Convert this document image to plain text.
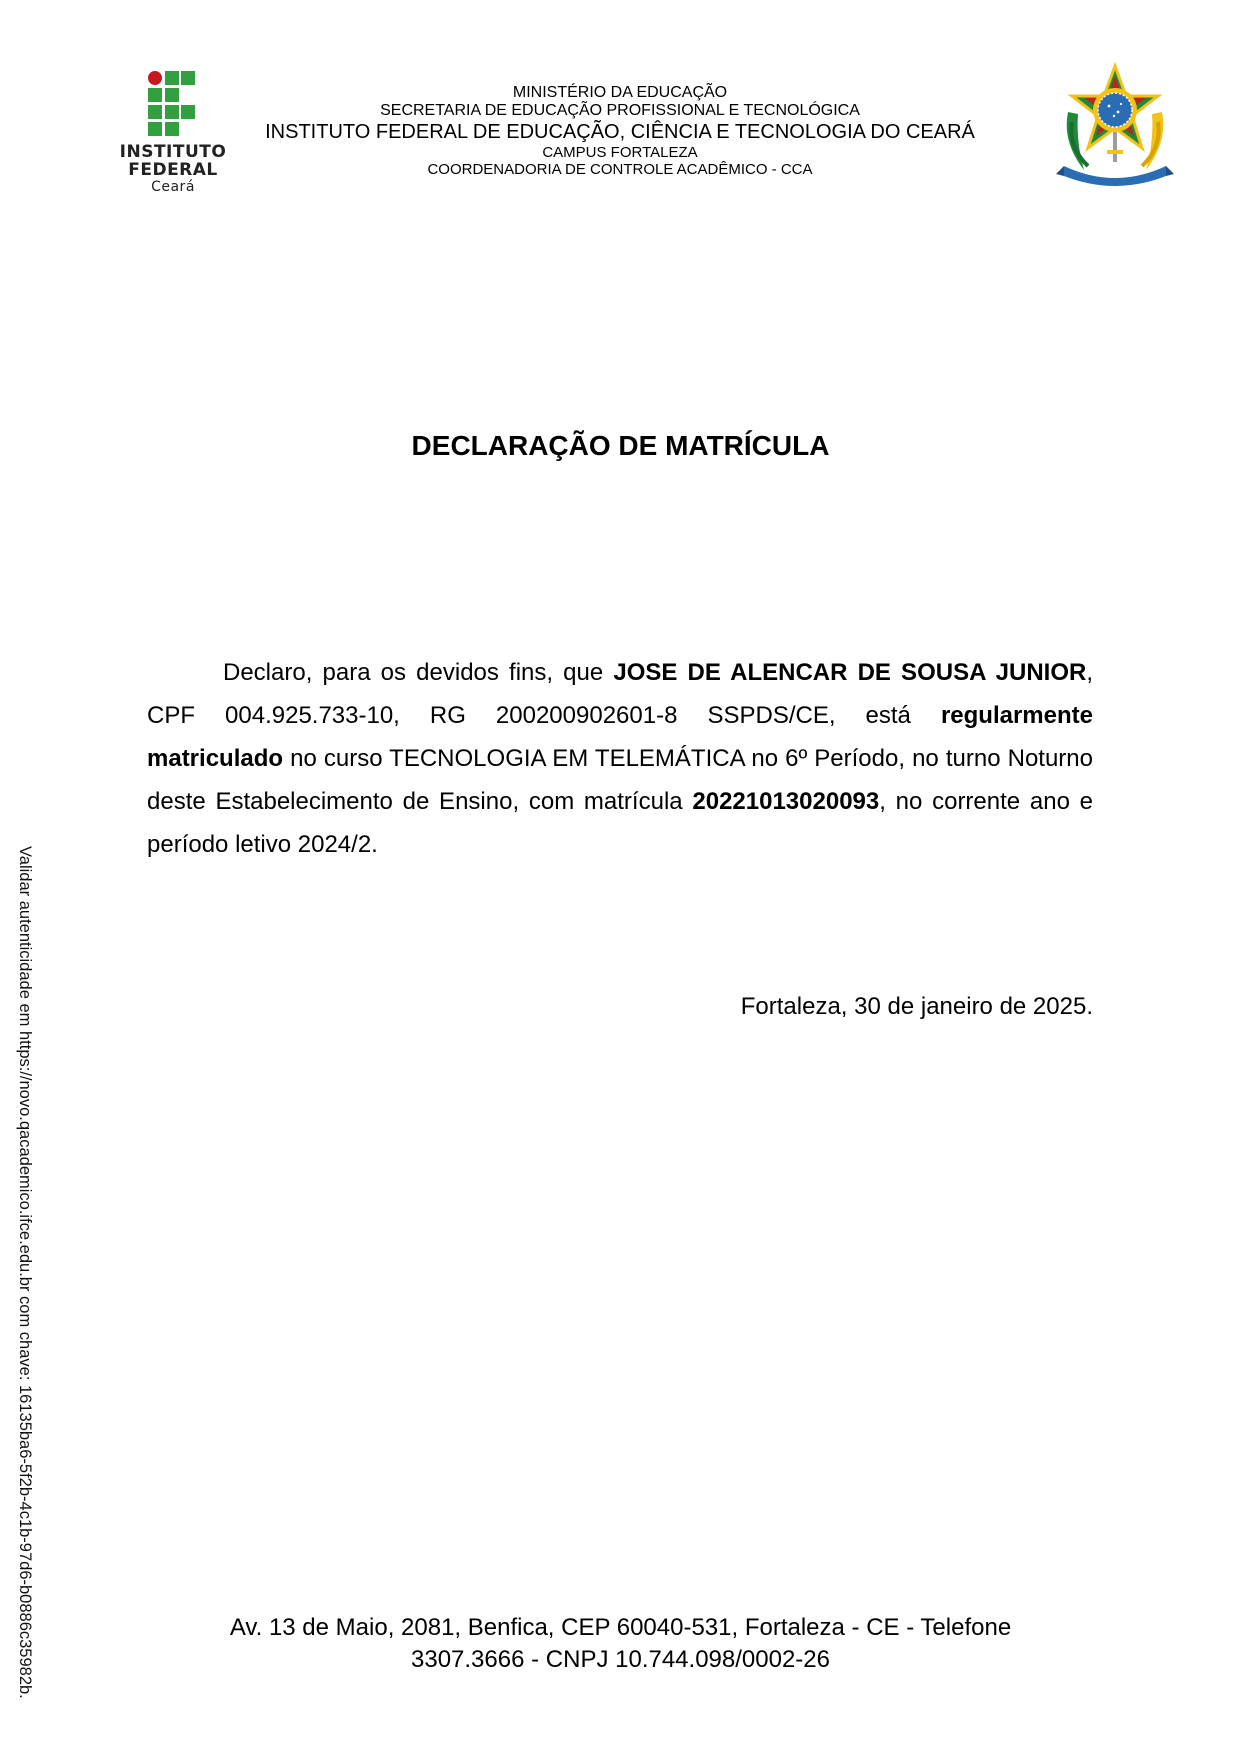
INSTITUTO
FEDERAL
Ceará
MINISTÉRIO DA EDUCAÇÃO
SECRETARIA DE EDUCAÇÃO PROFISSIONAL E TECNOLÓGICA
INSTITUTO FEDERAL DE EDUCAÇÃO, CIÊNCIA E TECNOLOGIA DO CEARÁ
CAMPUS FORTALEZA
COORDENADORIA DE CONTROLE ACADÊMICO - CCA
DECLARAÇÃO DE MATRÍCULA
Declaro, para os devidos fins, que JOSE DE ALENCAR DE SOUSA JUNIOR, CPF 004.925.733-10, RG 200200902601-8 SSPDS/CE, está regularmente matriculado no curso TECNOLOGIA EM TELEMÁTICA no 6º Período, no turno Noturno deste Estabelecimento de Ensino, com matrícula 20221013020093, no corrente ano e período letivo 2024/2.
Fortaleza, 30 de janeiro de 2025.
Av. 13 de Maio, 2081, Benfica, CEP 60040-531, Fortaleza - CE - Telefone
3307.3666 - CNPJ 10.744.098/0002-26
Validar autenticidade em https://novo.qacademico.ifce.edu.br com chave: 16135ba6-5f2b-4c1b-97d6-b0886c35982b.
